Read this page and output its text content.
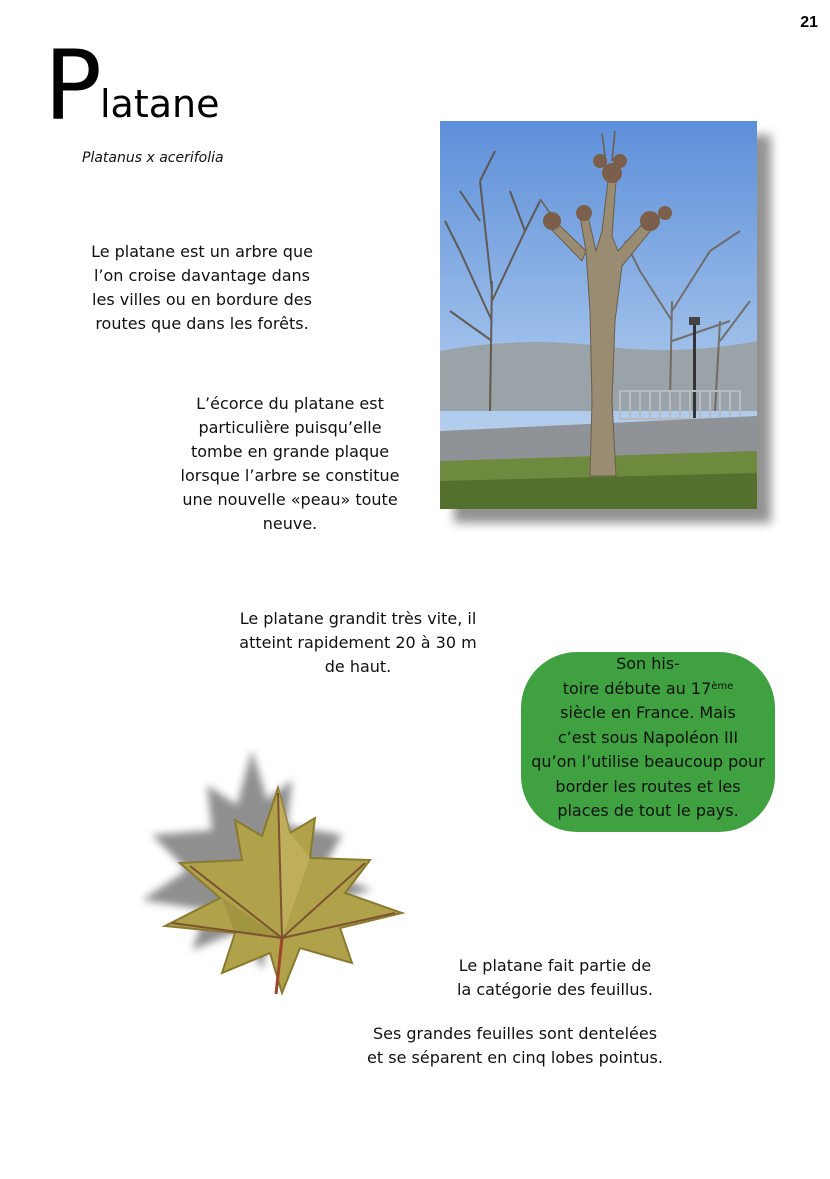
21
P latane
Platanus x acerifolia
Le platane est un arbre que
l’on croise davantage dans
les villes ou en bordure des
routes que dans les forêts.
L’écorce du platane est
particulière puisqu’elle
tombe en grande plaque
lorsque l’arbre se constitue
une nouvelle «peau» toute
neuve.
Le platane grandit très vite, il
atteint rapidement 20 à 30 m
de haut.
Le platane fait partie de
la catégorie des feuillus.
Ses grandes feuilles sont dentelées
et se séparent en cinq lobes pointus.
Son his-
toire débute au 17ème
siècle en France. Mais
c’est sous Napoléon III
qu’on l’utilise beaucoup pour
border les routes et les
places de tout le pays.
